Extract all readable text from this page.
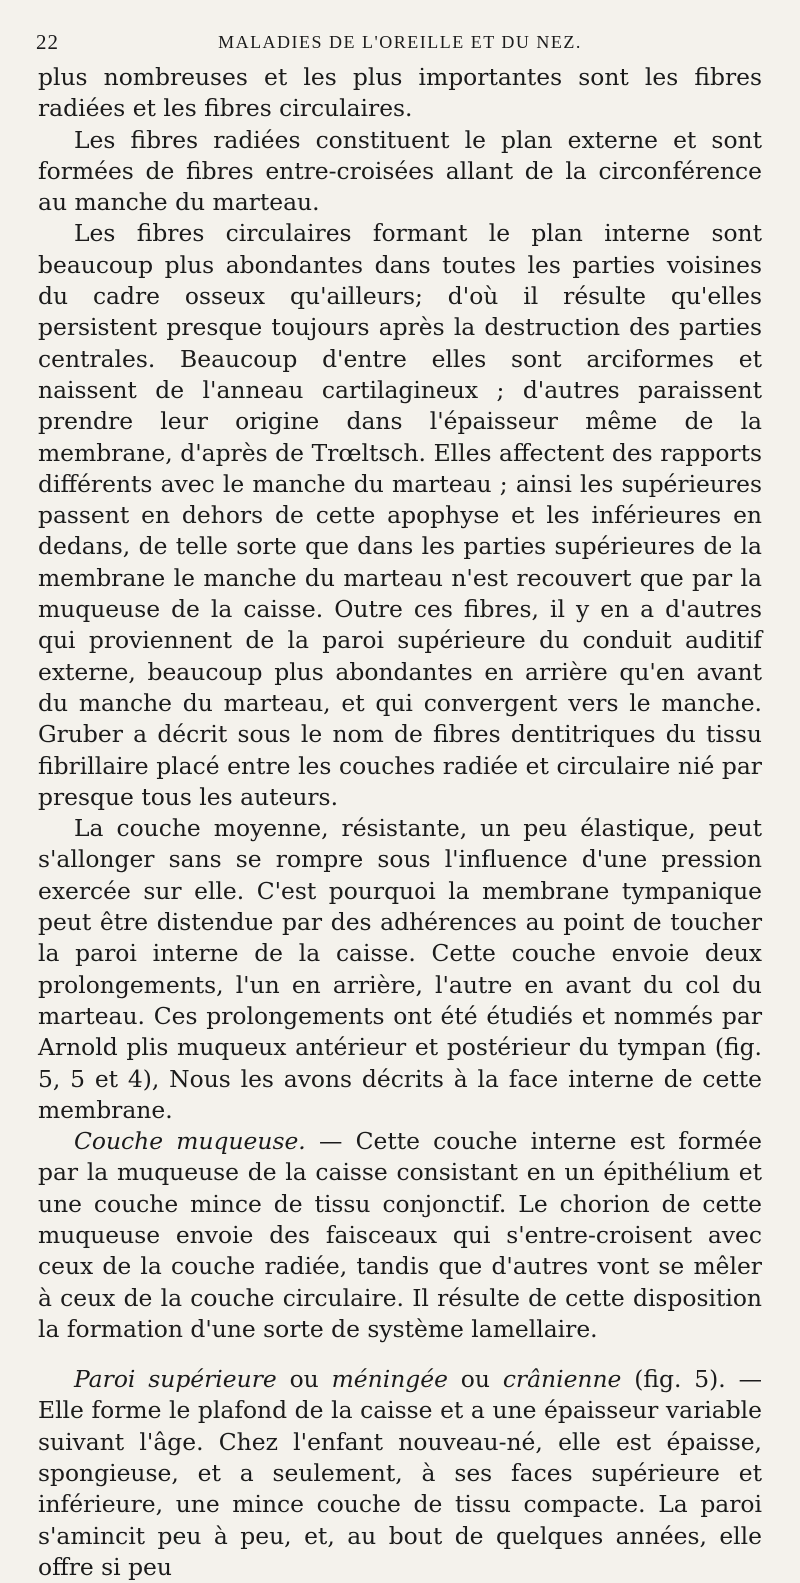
22	MALADIES DE L'OREILLE ET DU NEZ.

plus nombreuses et les plus importantes sont les fibres radiées et les fibres circulaires.

Les fibres radiées constituent le plan externe et sont formées de fibres entre-croisées allant de la circonférence au manche du marteau.

Les fibres circulaires formant le plan interne sont beaucoup plus abondantes dans toutes les parties voisines du cadre osseux qu'ailleurs; d'où il résulte qu'elles persistent presque toujours après la destruction des parties centrales. Beaucoup d'entre elles sont arciformes et naissent de l'anneau cartilagineux ; d'autres paraissent prendre leur origine dans l'épaisseur même de la membrane, d'après de Trœltsch. Elles affectent des rapports différents avec le manche du marteau ; ainsi les supérieures passent en dehors de cette apophyse et les inférieures en dedans, de telle sorte que dans les parties supérieures de la membrane le manche du marteau n'est recouvert que par la muqueuse de la caisse. Outre ces fibres, il y en a d'autres qui proviennent de la paroi supérieure du conduit auditif externe, beaucoup plus abondantes en arrière qu'en avant du manche du marteau, et qui convergent vers le manche. Gruber a décrit sous le nom de fibres dentitriques du tissu fibrillaire placé entre les couches radiée et circulaire nié par presque tous les auteurs.

La couche moyenne, résistante, un peu élastique, peut s'allonger sans se rompre sous l'influence d'une pression exercée sur elle. C'est pourquoi la membrane tympanique peut être distendue par des adhérences au point de toucher la paroi interne de la caisse. Cette couche envoie deux prolongements, l'un en arrière, l'autre en avant du col du marteau. Ces prolongements ont été étudiés et nommés par Arnold plis muqueux antérieur et postérieur du tympan (fig. 5, 5 et 4), Nous les avons décrits à la face interne de cette membrane.

Couche muqueuse. — Cette couche interne est formée par la muqueuse de la caisse consistant en un épithélium et une couche mince de tissu conjonctif. Le chorion de cette muqueuse envoie des faisceaux qui s'entre-croisent avec ceux de la couche radiée, tandis que d'autres vont se mêler à ceux de la couche circulaire. Il résulte de cette disposition la formation d'une sorte de système lamellaire.

Paroi supérieure ou méningée ou crânienne (fig. 5). — Elle forme le plafond de la caisse et a une épaisseur variable suivant l'âge. Chez l'enfant nouveau-né, elle est épaisse, spongieuse, et a seulement, à ses faces supérieure et inférieure, une mince couche de tissu compacte. La paroi s'amincit peu à peu, et, au bout de quelques années, elle offre si peu
